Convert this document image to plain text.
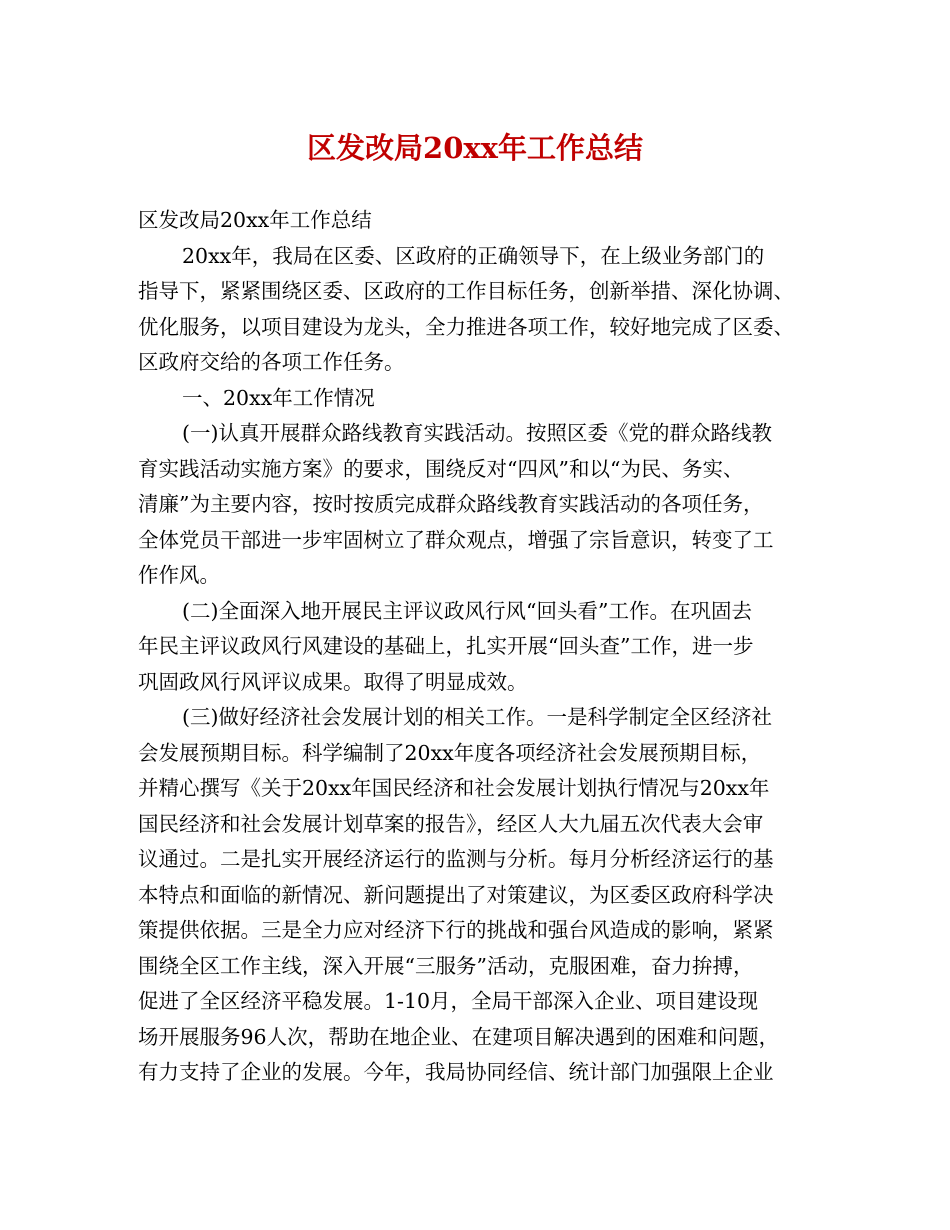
区发改局20xx年工作总结

区发改局20xx年工作总结

20xx年，我局在区委、区政府的正确领导下，在上级业务部门的

指导下，紧紧围绕区委、区政府的工作目标任务，创新举措、深化协调、

优化服务，以项目建设为龙头，全力推进各项工作，较好地完成了区委、

区政府交给的各项工作任务。

一、20xx年工作情况

(一)认真开展群众路线教育实践活动。按照区委《党的群众路线教

育实践活动实施方案》的要求，围绕反对“四风”和以“为民、务实、

清廉”为主要内容，按时按质完成群众路线教育实践活动的各项任务，

全体党员干部进一步牢固树立了群众观点，增强了宗旨意识，转变了工

作作风。

(二)全面深入地开展民主评议政风行风“回头看”工作。在巩固去

年民主评议政风行风建设的基础上，扎实开展“回头查”工作，进一步

巩固政风行风评议成果。取得了明显成效。

(三)做好经济社会发展计划的相关工作。一是科学制定全区经济社

会发展预期目标。科学编制了20xx年度各项经济社会发展预期目标，

并精心撰写《关于20xx年国民经济和社会发展计划执行情况与20xx年

国民经济和社会发展计划草案的报告》，经区人大九届五次代表大会审

议通过。二是扎实开展经济运行的监测与分析。每月分析经济运行的基

本特点和面临的新情况、新问题提出了对策建议，为区委区政府科学决

策提供依据。三是全力应对经济下行的挑战和强台风造成的影响，紧紧

围绕全区工作主线，深入开展“三服务”活动，克服困难，奋力拚搏，

促进了全区经济平稳发展。1-10月，全局干部深入企业、项目建设现

场开展服务96人次，帮助在地企业、在建项目解决遇到的困难和问题，

有力支持了企业的发展。今年，我局协同经信、统计部门加强限上企业
